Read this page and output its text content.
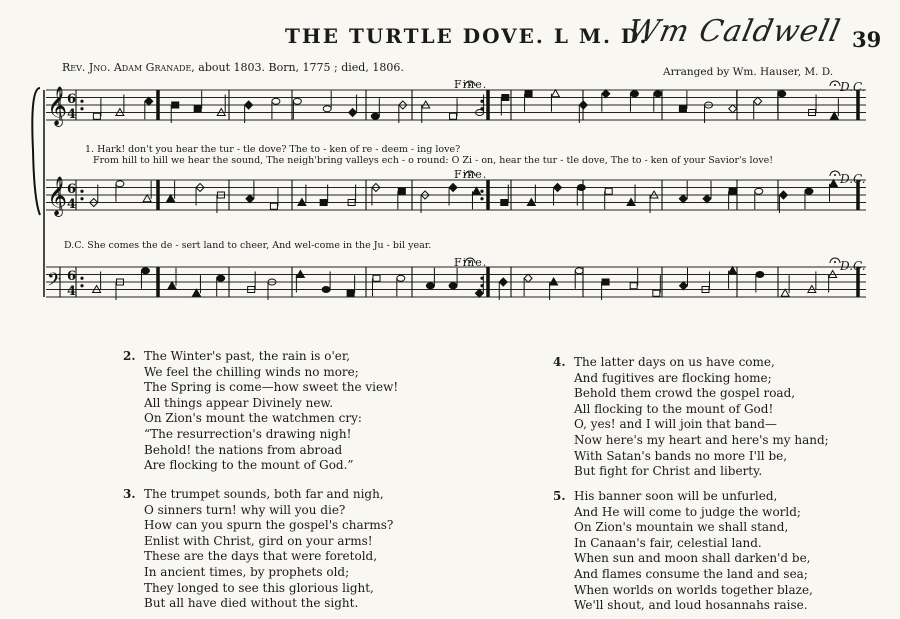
THE TURTLE DOVE. L M. D.
Wm Caldwell 39
Rev. Jno. Adam Granade, about 1803. Born, 1775 ; died, 1806.	Arranged by Wm. Hauser, M. D.
𝄞 6
4
𝄞 6
4
𝄢 6
4
Fine.
Fine.
Fine.
D.C.
D.C.
D.C.
1. Hark! don't you hear the tur - tle dove? The to - ken of re - deem - ing love?
From hill to hill we hear the sound, The neigh'bring valleys ech - o round: O Zi - on, hear the tur - tle dove, The to - ken of your Savior's love!
D.C. She comes the de - sert land to cheer, And wel-come in the Ju - bil year.
2. The Winter's past, the rain is o'er,
We feel the chilling winds no more;
The Spring is come—how sweet the view!
All things appear Divinely new.
On Zion's mount the watchmen cry:
“The resurrection's drawing nigh!
Behold! the nations from abroad
Are flocking to the mount of God.”
3. The trumpet sounds, both far and nigh,
O sinners turn! why will you die?
How can you spurn the gospel's charms?
Enlist with Christ, gird on your arms!
These are the days that were foretold,
In ancient times, by prophets old;
They longed to see this glorious light,
But all have died without the sight.
4. The latter days on us have come,
And fugitives are flocking home;
Behold them crowd the gospel road,
All flocking to the mount of God!
O, yes! and I will join that band—
Now here's my heart and here's my hand;
With Satan's bands no more I'll be,
But fight for Christ and liberty.
5. His banner soon will be unfurled,
And He will come to judge the world;
On Zion's mountain we shall stand,
In Canaan's fair, celestial land.
When sun and moon shall darken'd be,
And flames consume the land and sea;
When worlds on worlds together blaze,
We'll shout, and loud hosannahs raise.
